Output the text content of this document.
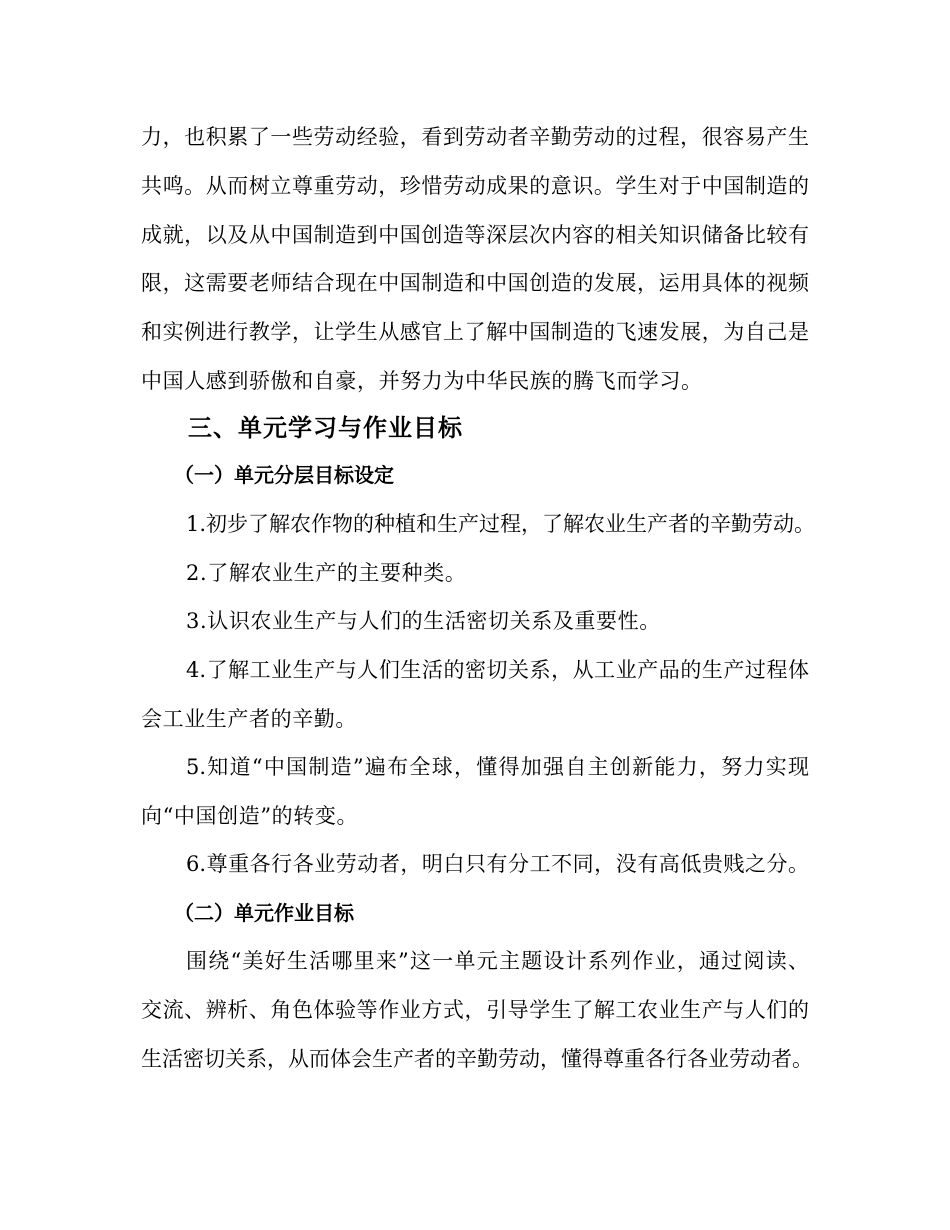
力，也积累了一些劳动经验，看到劳动者辛勤劳动的过程，很容易产生
共鸣。从而树立尊重劳动，珍惜劳动成果的意识。学生对于中国制造的
成就，以及从中国制造到中国创造等深层次内容的相关知识储备比较有
限，这需要老师结合现在中国制造和中国创造的发展，运用具体的视频
和实例进行教学，让学生从感官上了解中国制造的飞速发展，为自己是
中国人感到骄傲和自豪，并努力为中华民族的腾飞而学习。
三、单元学习与作业目标
（一）单元分层目标设定
1.初步了解农作物的种植和生产过程，了解农业生产者的辛勤劳动。
2.了解农业生产的主要种类。
3.认识农业生产与人们的生活密切关系及重要性。
4.了解工业生产与人们生活的密切关系，从工业产品的生产过程体
会工业生产者的辛勤。
5.知道“中国制造”遍布全球，懂得加强自主创新能力，努力实现
向“中国创造”的转变。
6.尊重各行各业劳动者，明白只有分工不同，没有高低贵贱之分。
（二）单元作业目标
围绕“美好生活哪里来”这一单元主题设计系列作业，通过阅读、
交流、辨析、角色体验等作业方式，引导学生了解工农业生产与人们的
生活密切关系，从而体会生产者的辛勤劳动，懂得尊重各行各业劳动者。
